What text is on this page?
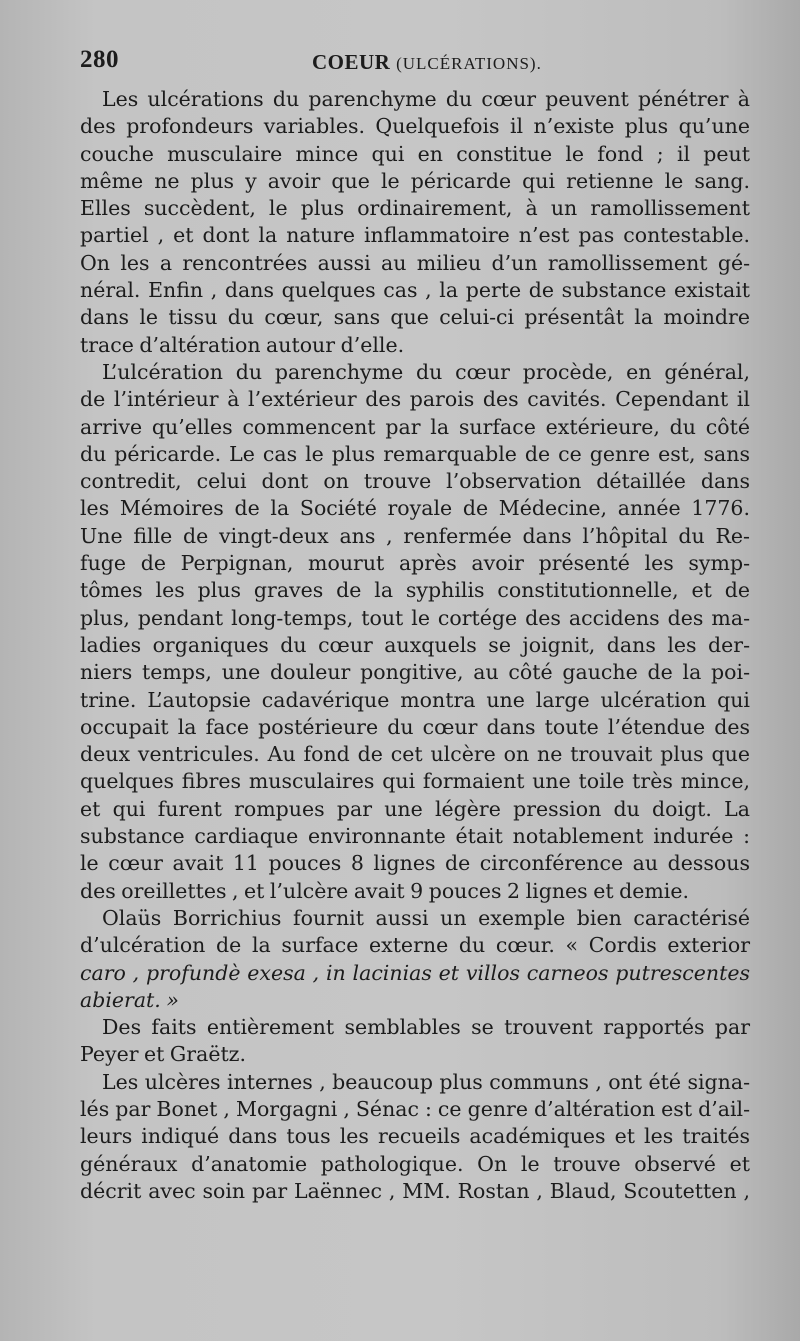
280	COEUR (ULCÉRATIONS).
Les ulcérations du parenchyme du cœur peuvent pénétrer à
des profondeurs variables. Quelquefois il n’existe plus qu’une
couche musculaire mince qui en constitue le fond ; il peut
même ne plus y avoir que le péricarde qui retienne le sang.
Elles succèdent, le plus ordinairement, à un ramollissement
partiel , et dont la nature inflammatoire n’est pas contestable.
On les a rencontrées aussi au milieu d’un ramollissement gé-
néral. Enfin , dans quelques cas , la perte de substance existait
dans le tissu du cœur, sans que celui-ci présentât la moindre
trace d’altération autour d’elle.
L’ulcération du parenchyme du cœur procède, en général,
de l’intérieur à l’extérieur des parois des cavités. Cependant il
arrive qu’elles commencent par la surface extérieure, du côté
du péricarde. Le cas le plus remarquable de ce genre est, sans
contredit, celui dont on trouve l’observation détaillée dans
les Mémoires de la Société royale de Médecine, année 1776.
Une fille de vingt-deux ans , renfermée dans l’hôpital du Re-
fuge de Perpignan, mourut après avoir présenté les symp-
tômes les plus graves de la syphilis constitutionnelle, et de
plus, pendant long-temps, tout le cortége des accidens des ma-
ladies organiques du cœur auxquels se joignit, dans les der-
niers temps, une douleur pongitive, au côté gauche de la poi-
trine. L’autopsie cadavérique montra une large ulcération qui
occupait la face postérieure du cœur dans toute l’étendue des
deux ventricules. Au fond de cet ulcère on ne trouvait plus que
quelques fibres musculaires qui formaient une toile très mince,
et qui furent rompues par une légère pression du doigt. La
substance cardiaque environnante était notablement indurée :
le cœur avait 11 pouces 8 lignes de circonférence au dessous
des oreillettes , et l’ulcère avait 9 pouces 2 lignes et demie.
Olaüs Borrichius fournit aussi un exemple bien caractérisé
d’ulcération de la surface externe du cœur. « Cordis exterior
caro , profundè exesa , in lacinias et villos carneos putrescentes
abierat. »
Des faits entièrement semblables se trouvent rapportés par
Peyer et Graëtz.
Les ulcères internes , beaucoup plus communs , ont été signa-
lés par Bonet , Morgagni , Sénac : ce genre d’altération est d’ail-
leurs indiqué dans tous les recueils académiques et les traités
généraux d’anatomie pathologique. On le trouve observé et
décrit avec soin par Laënnec , MM. Rostan , Blaud, Scoutetten ,
